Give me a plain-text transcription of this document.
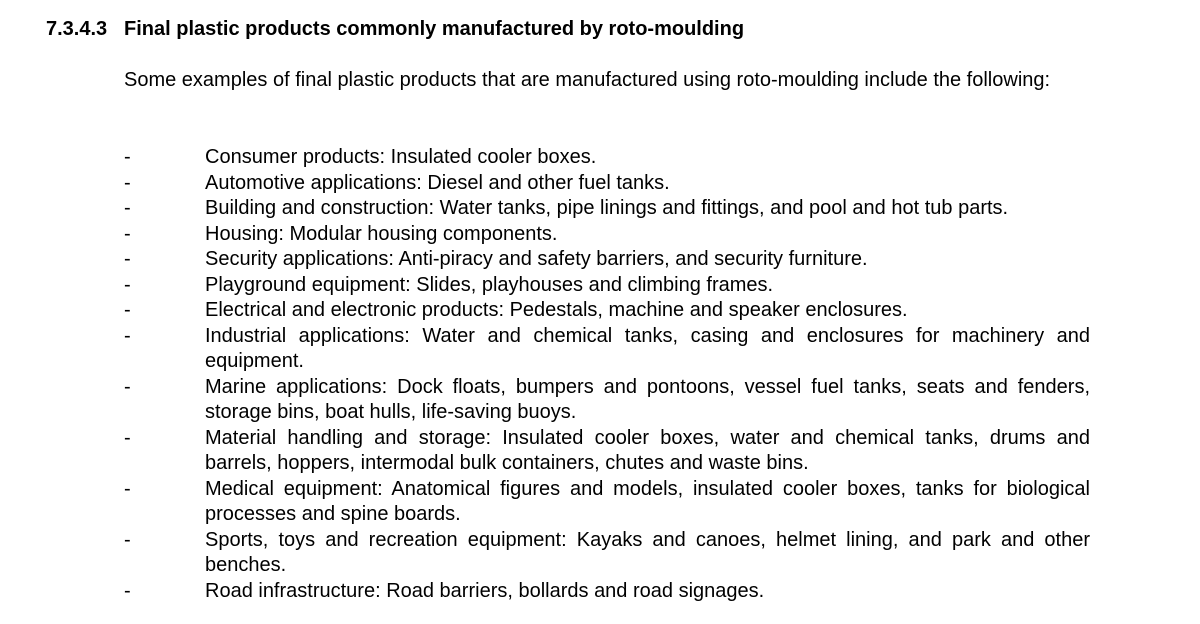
7.3.4.3 Final plastic products commonly manufactured by roto-moulding
Some examples of final plastic products that are manufactured using roto-moulding include the following:
-	Consumer products: Insulated cooler boxes.
-	Automotive applications: Diesel and other fuel tanks.
-	Building and construction: Water tanks, pipe linings and fittings, and pool and hot tub parts.
-	Housing: Modular housing components.
-	Security applications: Anti-piracy and safety barriers, and security furniture.
-	Playground equipment: Slides, playhouses and climbing frames.
-	Electrical and electronic products: Pedestals, machine and speaker enclosures.
-	Industrial applications: Water and chemical tanks, casing and enclosures for machinery and equipment.
-	Marine applications: Dock floats, bumpers and pontoons, vessel fuel tanks, seats and fenders, storage bins, boat hulls, life-saving buoys.
-	Material handling and storage: Insulated cooler boxes, water and chemical tanks, drums and barrels, hoppers, intermodal bulk containers, chutes and waste bins.
-	Medical equipment: Anatomical figures and models, insulated cooler boxes, tanks for biological processes and spine boards.
-	Sports, toys and recreation equipment: Kayaks and canoes, helmet lining, and park and other benches.
-	Road infrastructure: Road barriers, bollards and road signages.
